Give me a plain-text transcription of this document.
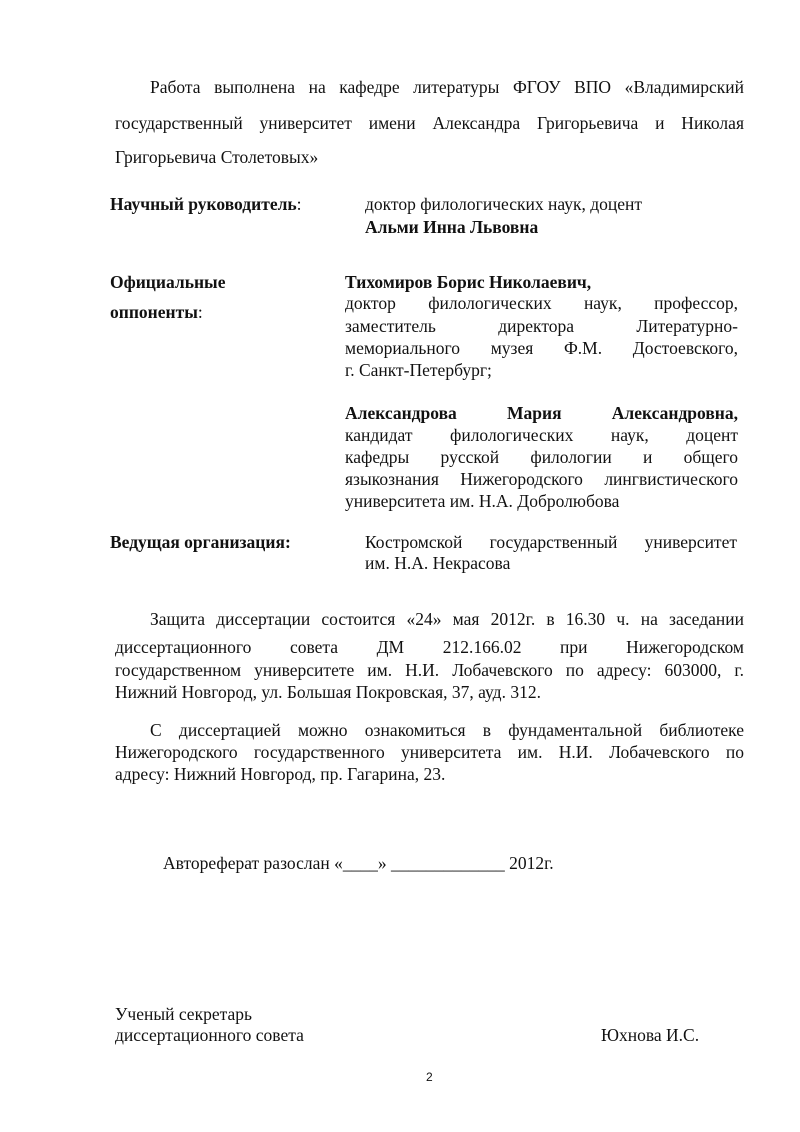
Работа выполнена на кафедре литературы ФГОУ ВПО «Владимирский
государственный университет имени Александра Григорьевича и Николая
Григорьевича Столетовых»
Научный руководитель:	доктор филологических наук, доцент
Альми Инна Львовна
Официальные
оппоненты:
Тихомиров Борис Николаевич,
доктор филологических наук, профессор,
заместитель директора Литературно-
мемориального музея Ф.М. Достоевского,
г. Санкт-Петербург;
Александрова Мария Александровна,
кандидат филологических наук, доцент
кафедры русской филологии и общего
языкознания Нижегородского лингвистического
университета им. Н.А. Добролюбова
Ведущая организация:	Костромской государственный университет
им. Н.А. Некрасова
Защита диссертации состоится «24» мая 2012г. в 16.30 ч. на заседании
диссертационного совета ДМ 212.166.02 при Нижегородском
государственном университете им. Н.И. Лобачевского по адресу: 603000, г.
Нижний Новгород, ул. Большая Покровская, 37, ауд. 312.
С диссертацией можно ознакомиться в фундаментальной библиотеке
Нижегородского государственного университета им. Н.И. Лобачевского по
адресу: Нижний Новгород, пр. Гагарина, 23.
Автореферат разослан «____» _____________ 2012г.
Ученый секретарь
диссертационного совета	Юхнова И.С.
2
